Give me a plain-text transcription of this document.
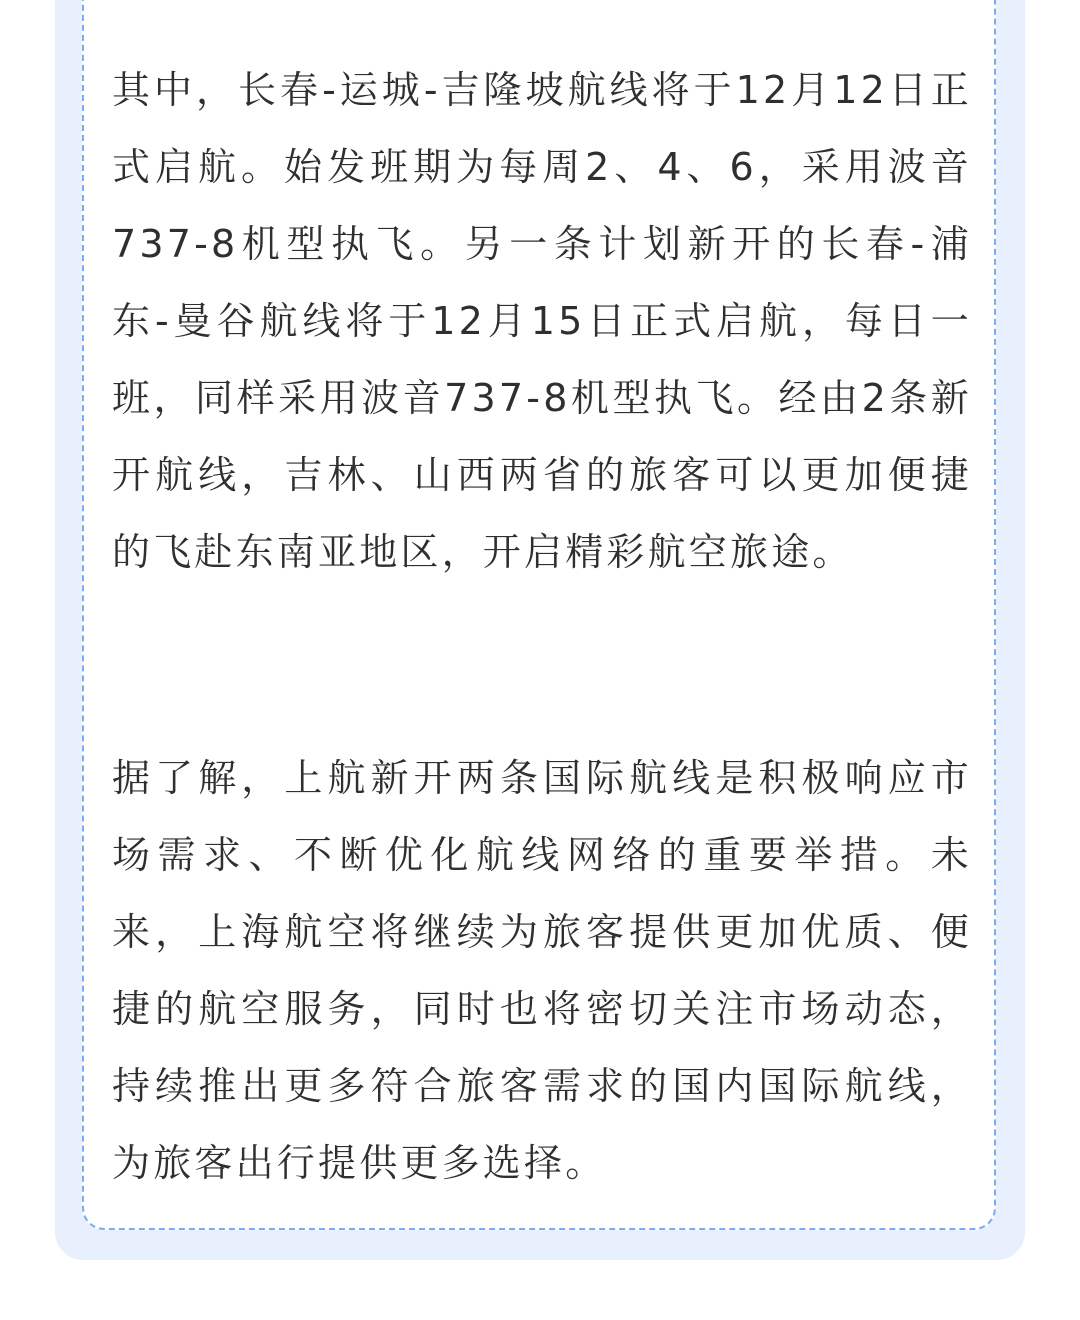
其中，长春-运城-吉隆坡航线将于12月12日正式启航。始发班期为每周2、4、6，采用波音737-8机型执飞。另一条计划新开的长春-浦东-曼谷航线将于12月15日正式启航，每日一班，同样采用波音737-8机型执飞。经由2条新开航线，吉林、山西两省的旅客可以更加便捷的飞赴东南亚地区，开启精彩航空旅途。

据了解，上航新开两条国际航线是积极响应市场需求、不断优化航线网络的重要举措。未来，上海航空将继续为旅客提供更加优质、便捷的航空服务，同时也将密切关注市场动态，持续推出更多符合旅客需求的国内国际航线，为旅客出行提供更多选择。
